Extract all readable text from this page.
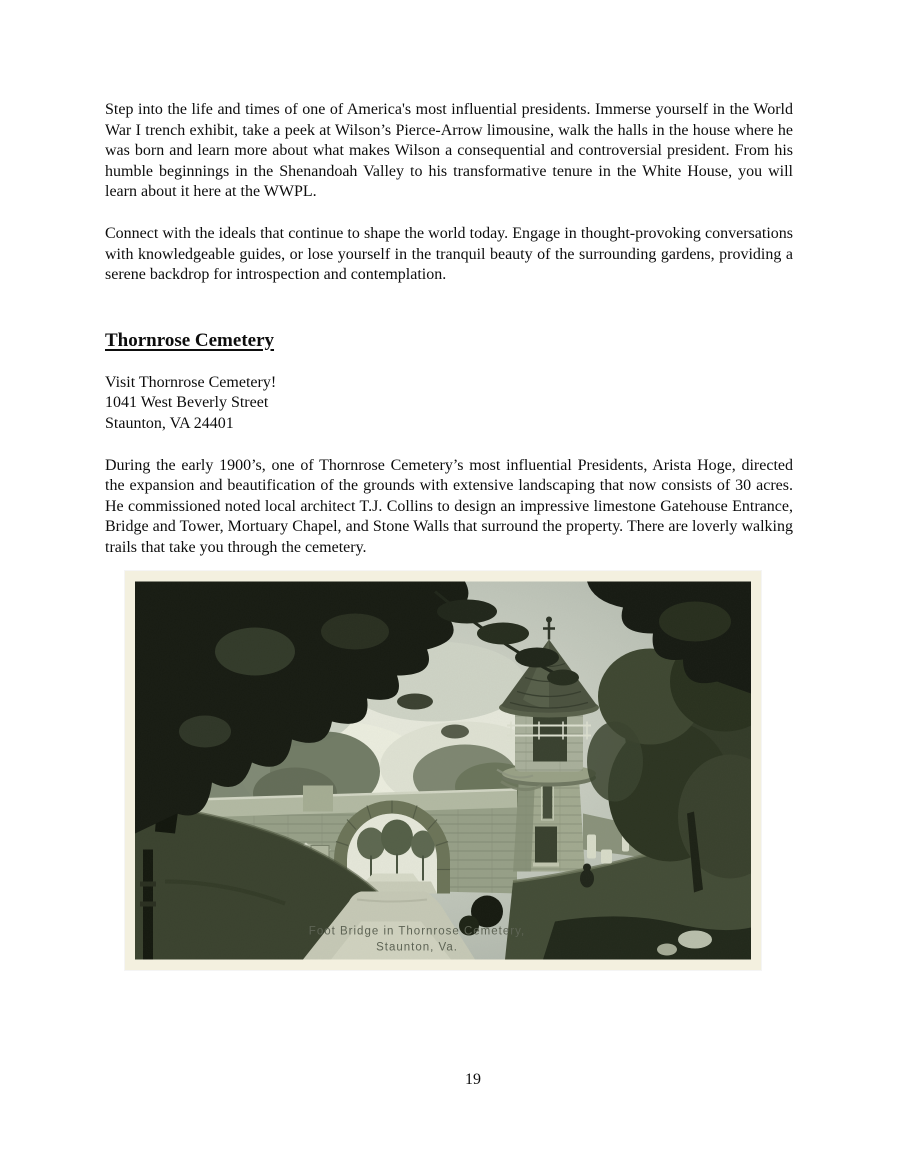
Step into the life and times of one of America's most influential presidents. Immerse yourself in the World War I trench exhibit, take a peek at Wilson’s Pierce-Arrow limousine, walk the halls in the house where he was born and learn more about what makes Wilson a consequential and controversial president. From his humble beginnings in the Shenandoah Valley to his transformative tenure in the White House, you will learn about it here at the WWPL.

Connect with the ideals that continue to shape the world today. Engage in thought-provoking conversations with knowledgeable guides, or lose yourself in the tranquil beauty of the surrounding gardens, providing a serene backdrop for introspection and contemplation.

Thornrose Cemetery
Visit Thornrose Cemetery!
1041 West Beverly Street
Staunton, VA 24401

During the early 1900’s, one of Thornrose Cemetery’s most influential Presidents, Arista Hoge, directed the expansion and beautification of the grounds with extensive landscaping that now consists of 30 acres. He commissioned noted local architect T.J. Collins to design an impressive limestone Gatehouse Entrance, Bridge and Tower, Mortuary Chapel, and Stone Walls that surround the property. There are loverly walking trails that take you through the cemetery.

Foot Bridge in Thornrose Cemetery,
Staunton, Va.
19
